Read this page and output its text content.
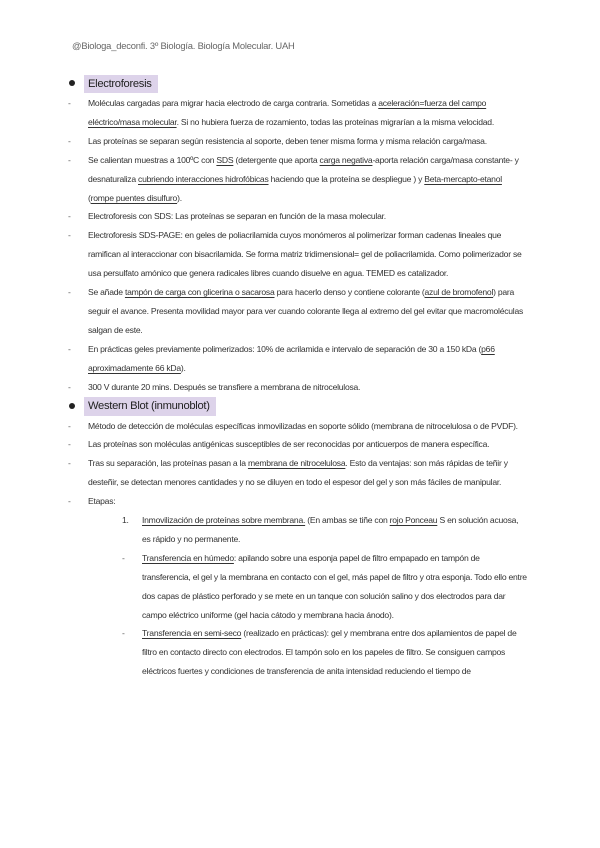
@Biologa_deconfi. 3º Biología. Biología Molecular. UAH
Electroforesis

- Moléculas cargadas para migrar hacia electrodo de carga contraria. Sometidas a aceleración=fuerza del campo eléctrico/masa molecular. Si no hubiera fuerza de rozamiento, todas las proteínas migrarían a la misma velocidad.

- Las proteínas se separan según resistencia al soporte, deben tener misma forma y misma relación carga/masa.

- Se calientan muestras a 100ºC con SDS (detergente que aporta carga negativa-aporta relación carga/masa constante- y desnaturaliza cubriendo interacciones hidrofóbicas haciendo que la proteína se despliegue ) y Beta-mercapto-etanol (rompe puentes disulfuro).

- Electroforesis con SDS: Las proteínas se separan en función de la masa molecular.

- Electroforesis SDS-PAGE: en geles de poliacrilamida cuyos monómeros al polimerizar forman cadenas lineales que ramifican al interaccionar con bisacrilamida. Se forma matriz tridimensional= gel de poliacrilamida. Como polimerizador se usa persulfato amónico que genera radicales libres cuando disuelve en agua. TEMED es catalizador.

- Se añade tampón de carga con glicerina o sacarosa para hacerlo denso y contiene colorante (azul de bromofenol) para seguir el avance. Presenta movilidad mayor para ver cuando colorante llega al extremo del gel evitar que macromoléculas salgan de este.

- En prácticas geles previamente polimerizados: 10% de acrilamida e intervalo de separación de 30 a 150 kDa (p66 aproximadamente 66 kDa).

- 300 V durante 20 mins. Después se transfiere a membrana de nitrocelulosa.

Western Blot (inmunoblot)

- Método de detección de moléculas específicas inmovilizadas en soporte sólido (membrana de nitrocelulosa o de PVDF).

- Las proteínas son moléculas antigénicas susceptibles de ser reconocidas por anticuerpos de manera específica.

- Tras su separación, las proteínas pasan a la membrana de nitrocelulosa. Esto da ventajas: son más rápidas de teñir y desteñir, se detectan menores cantidades y no se diluyen en todo el espesor del gel y son más fáciles de manipular.

- Etapas:

1. Inmovilización de proteínas sobre membrana. (En ambas se tiñe con rojo Ponceau S en solución acuosa, es rápido y no permanente.

- Transferencia en húmedo: apilando sobre una esponja papel de filtro empapado en tampón de transferencia, el gel y la membrana en contacto con el gel, más papel de filtro y otra esponja. Todo ello entre dos capas de plástico perforado y se mete en un tanque con solución salino y dos electrodos para dar campo eléctrico uniforme (gel hacia cátodo y membrana hacia ánodo).

- Transferencia en semi-seco (realizado en prácticas): gel y membrana entre dos apilamientos de papel de filtro en contacto directo con electrodos. El tampón solo en los papeles de filtro. Se consiguen campos eléctricos fuertes y condiciones de transferencia de anita intensidad reduciendo el tiempo de
